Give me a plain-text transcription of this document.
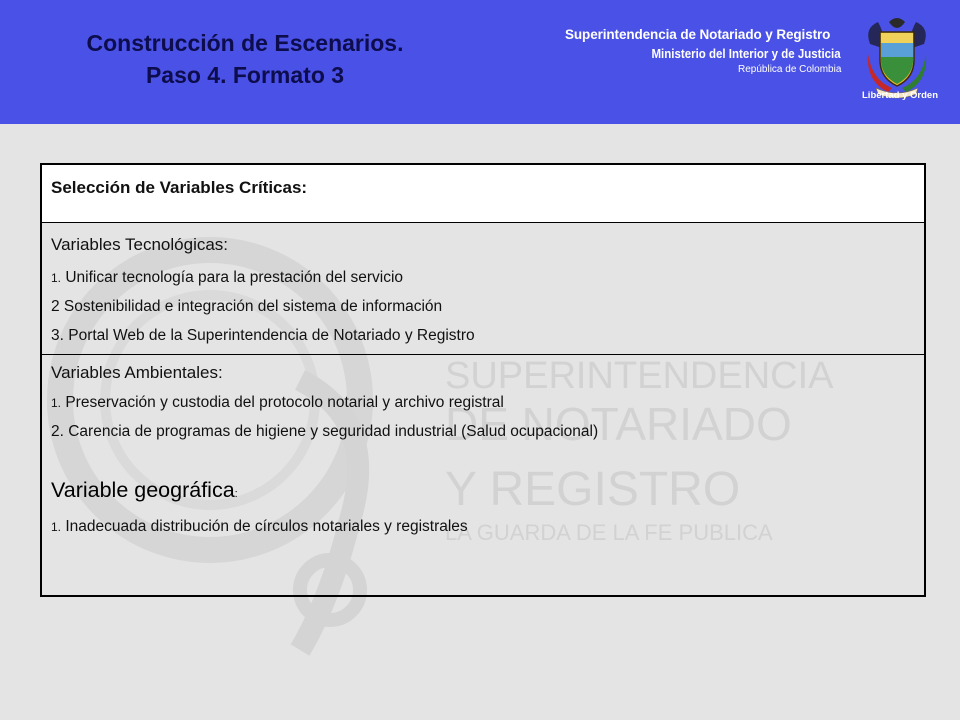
Construcción de Escenarios.
Paso 4. Formato 3
Superintendencia de Notariado y Registro
Ministerio del Interior y de Justicia
República de Colombia
Libertad y Orden
SUPERINTENDENCIA
DE NOTARIADO
Y REGISTRO
LA GUARDA DE LA FE PUBLICA
Selección de Variables Críticas:
Variables Tecnológicas:
1. Unificar tecnología para la prestación del servicio
2 Sostenibilidad e integración del sistema de información
3. Portal Web de la Superintendencia de Notariado y Registro
Variables Ambientales:
1. Preservación y custodia del protocolo notarial y archivo registral
2. Carencia de programas de higiene y seguridad industrial (Salud ocupacional)
Variable geográfica:
1. Inadecuada distribución de círculos notariales y registrales
